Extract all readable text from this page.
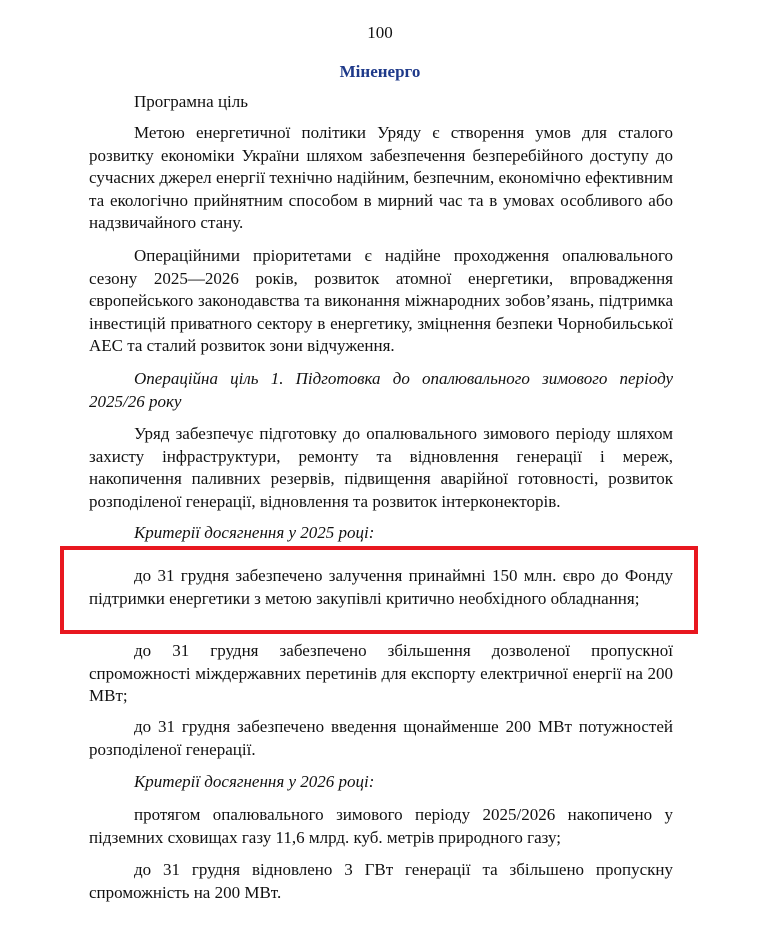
100
Міненерго

Програмна ціль

Метою енергетичної політики Уряду є створення умов для сталого розвитку економіки України шляхом забезпечення безперебійного доступу до сучасних джерел енергії технічно надійним, безпечним, економічно ефективним та екологічно прийнятним способом в мирний час та в умовах особливого або надзвичайного стану.

Операційними пріоритетами є надійне проходження опалювального сезону 2025—2026 років, розвиток атомної енергетики, впровадження європейського законодавства та виконання міжнародних зобов’язань, підтримка інвестицій приватного сектору в енергетику, зміцнення безпеки Чорнобильської АЕС та сталий розвиток зони відчуження.

Операційна ціль 1. Підготовка до опалювального зимового періоду 2025/26 року

Уряд забезпечує підготовку до опалювального зимового періоду шляхом захисту інфраструктури, ремонту та відновлення генерації і мереж, накопичення паливних резервів, підвищення аварійної готовності, розвиток розподіленої генерації, відновлення та розвиток інтерконекторів.

Критерії досягнення у 2025 році:

до 31 грудня забезпечено залучення принаймні 150 млн. євро до Фонду підтримки енергетики з метою закупівлі критично необхідного обладнання;

до 31 грудня забезпечено збільшення дозволеної пропускної спроможності міждержавних перетинів для експорту електричної енергії на 200 МВт;

до 31 грудня забезпечено введення щонайменше 200 МВт потужностей розподіленої генерації.

Критерії досягнення у 2026 році:

протягом опалювального зимового періоду 2025/2026 накопичено у підземних сховищах газу 11,6 млрд. куб. метрів природного газу;

до 31 грудня відновлено 3 ГВт генерації та збільшено пропускну спроможність на 200 МВт.
